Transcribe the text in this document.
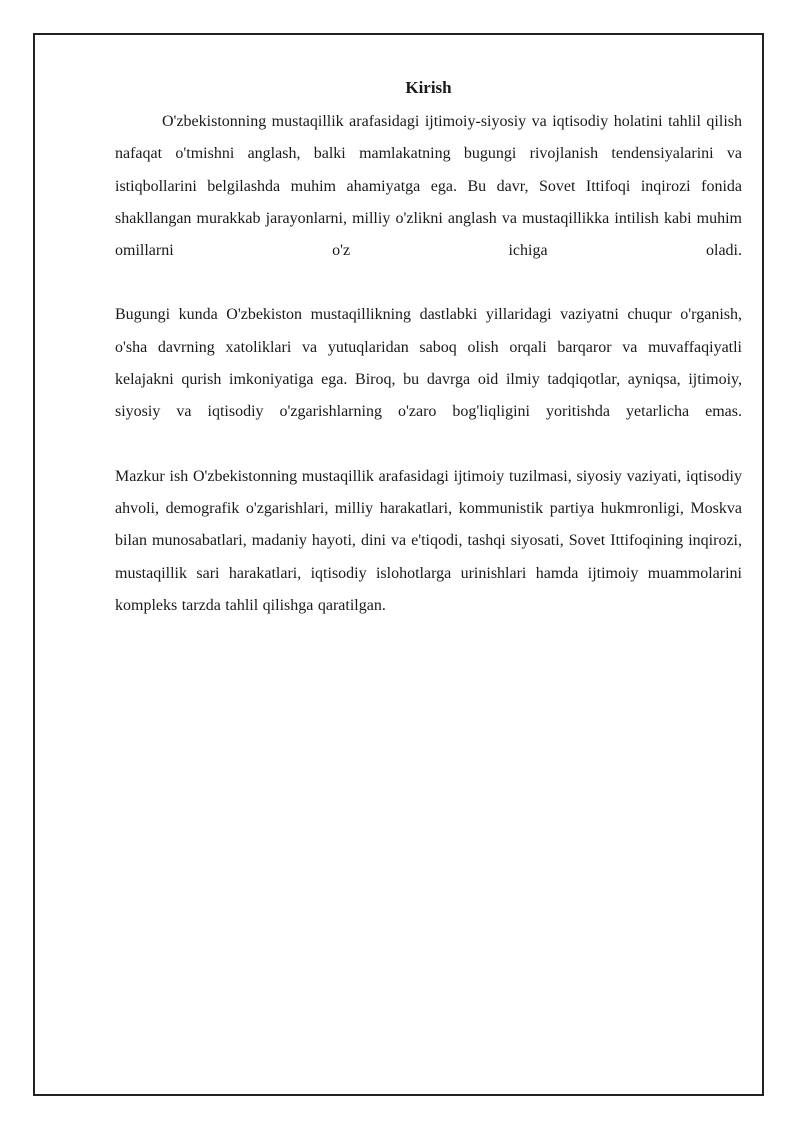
Kirish

O'zbekistonning mustaqillik arafasidagi ijtimoiy-siyosiy va iqtisodiy holatini tahlil qilish nafaqat o'tmishni anglash, balki mamlakatning bugungi rivojlanish tendensiyalarini va istiqbollarini belgilashda muhim ahamiyatga ega. Bu davr, Sovet Ittifoqi inqirozi fonida shakllangan murakkab jarayonlarni, milliy o'zlikni anglash va mustaqillikka intilish kabi muhim omillarni o'z ichiga oladi.

Bugungi kunda O'zbekiston mustaqillikning dastlabki yillaridagi vaziyatni chuqur o'rganish, o'sha davrning xatoliklari va yutuqlaridan saboq olish orqali barqaror va muvaffaqiyatli kelajakni qurish imkoniyatiga ega. Biroq, bu davrga oid ilmiy tadqiqotlar, ayniqsa, ijtimoiy, siyosiy va iqtisodiy o'zgarishlarning o'zaro bog'liqligini yoritishda yetarlicha emas.

Mazkur ish O'zbekistonning mustaqillik arafasidagi ijtimoiy tuzilmasi, siyosiy vaziyati, iqtisodiy ahvoli, demografik o'zgarishlari, milliy harakatlari, kommunistik partiya hukmronligi, Moskva bilan munosabatlari, madaniy hayoti, dini va e'tiqodi, tashqi siyosati, Sovet Ittifoqining inqirozi, mustaqillik sari harakatlari, iqtisodiy islohotlarga urinishlari hamda ijtimoiy muammolarini kompleks tarzda tahlil qilishga qaratilgan.
